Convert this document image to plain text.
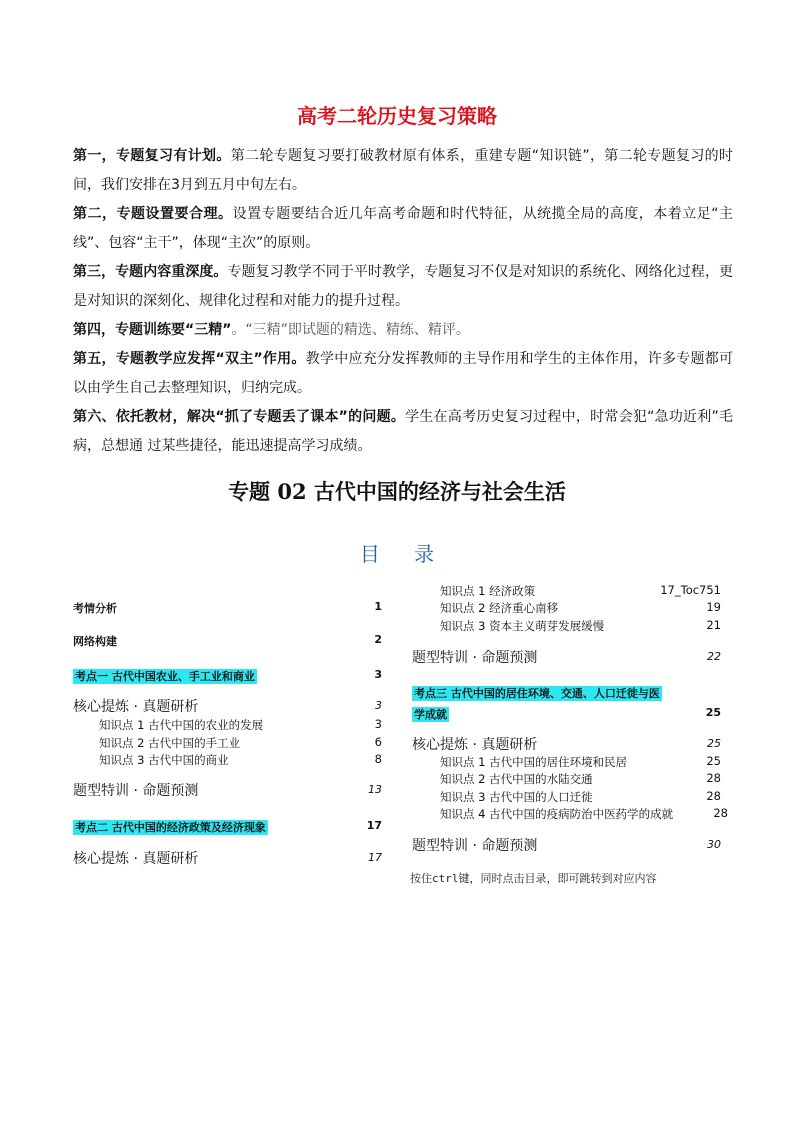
高考二轮历史复习策略
第一，专题复习有计划。第二轮专题复习要打破教材原有体系，重建专题“知识链”，第二轮专题复习的时间，我们安排在3月到五月中旬左右。
第二，专题设置要合理。设置专题要结合近几年高考命题和时代特征，从统揽全局的高度，本着立足“主线”、包容“主干”，体现“主次”的原则。
第三，专题内容重深度。专题复习教学不同于平时教学，专题复习不仅是对知识的系统化、网络化过程，更是对知识的深刻化、规律化过程和对能力的提升过程。
第四，专题训练要“三精”。“三精”即试题的精选、精练、精评。
第五，专题教学应发挥“双主”作用。教学中应充分发挥教师的主导作用和学生的主体作用，许多专题都可以由学生自己去整理知识，归纳完成。
第六、依托教材，解决“抓了专题丢了课本”的问题。学生在高考历史复习过程中，时常会犯“急功近利”毛病，总想通 过某些捷径，能迅速提高学习成绩。
专题 02 古代中国的经济与社会生活
目 录
考情分析	1
网络构建	2
考点一 古代中国农业、手工业和商业	3
核心提炼 · 真题研析	3
知识点 1 古代中国的农业的发展	3
知识点 2 古代中国的手工业	6
知识点 3 古代中国的商业	8
题型特训 · 命题预测	13
考点二 古代中国的经济政策及经济现象	17
核心提炼 · 真题研析	17
知识点 1 经济政策	17_Toc751
知识点 2 经济重心南移	19
知识点 3 资本主义萌芽发展缓慢	21
题型特训 · 命题预测	22
考点三 古代中国的居住环境、交通、人口迁徙与医
学成就	25
核心提炼 · 真题研析	25
知识点 1 古代中国的居住环境和民居	25
知识点 2 古代中国的水陆交通	28
知识点 3 古代中国的人口迁徙	28
知识点 4 古代中国的疫病防治中医药学的成就	28
题型特训 · 命题预测	30
按住ctrl键，同时点击目录，即可跳转到对应内容
